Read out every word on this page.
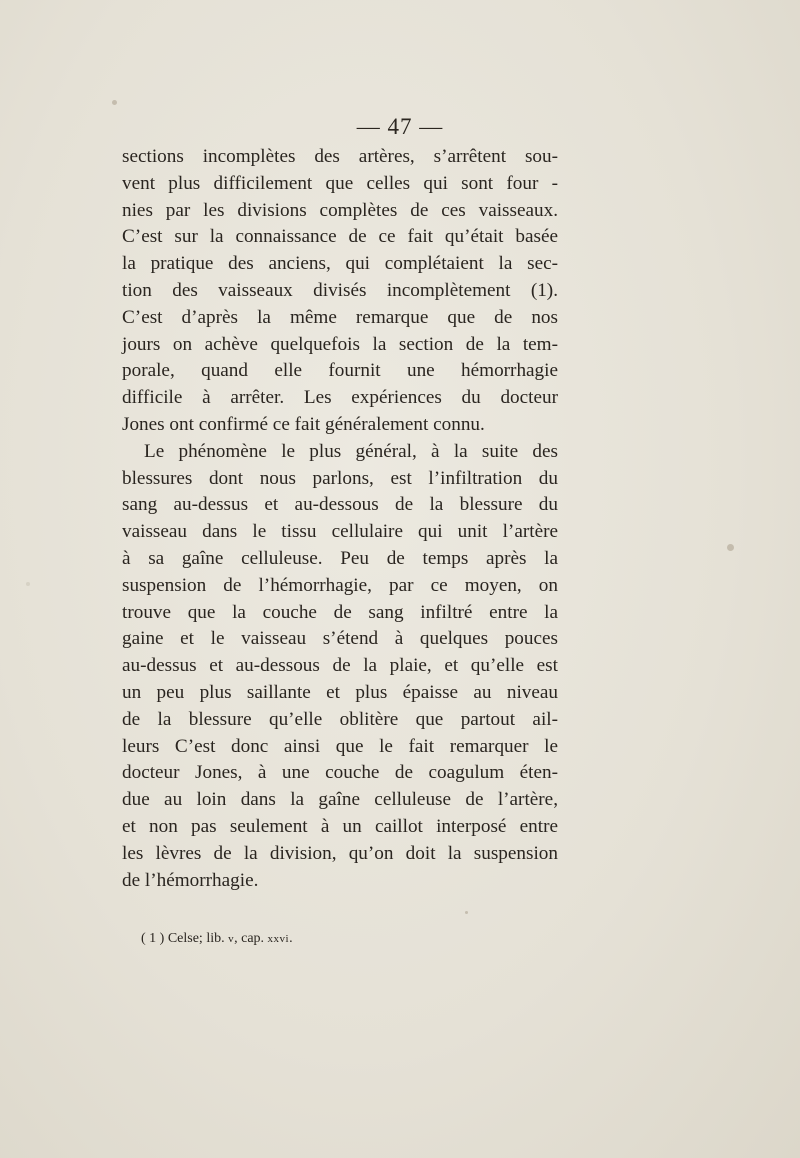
— 47 —
sections incomplètes des artères, s’arrêtent sou-
vent plus difficilement que celles qui sont four -
nies par les divisions complètes de ces vaisseaux.
C’est sur la connaissance de ce fait qu’était basée
la pratique des anciens, qui complétaient la sec-
tion des vaisseaux divisés incomplètement (1).
C’est d’après la même remarque que de nos
jours on achève quelquefois la section de la tem-
porale, quand elle fournit une hémorrhagie
difficile à arrêter. Les expériences du docteur
Jones ont confirmé ce fait généralement connu.
Le phénomène le plus général, à la suite des
blessures dont nous parlons, est l’infiltration du
sang au-dessus et au-dessous de la blessure du
vaisseau dans le tissu cellulaire qui unit l’artère
à sa gaîne celluleuse. Peu de temps après la
suspension de l’hémorrhagie, par ce moyen, on
trouve que la couche de sang infiltré entre la
gaine et le vaisseau s’étend à quelques pouces
au-dessus et au-dessous de la plaie, et qu’elle est
un peu plus saillante et plus épaisse au niveau
de la blessure qu’elle oblitère que partout ail-
leurs C’est donc ainsi que le fait remarquer le
docteur Jones, à une couche de coagulum éten-
due au loin dans la gaîne celluleuse de l’artère,
et non pas seulement à un caillot interposé entre
les lèvres de la division, qu’on doit la suspension
de l’hémorrhagie.
( 1 ) Celse; lib. v, cap. xxvi.
